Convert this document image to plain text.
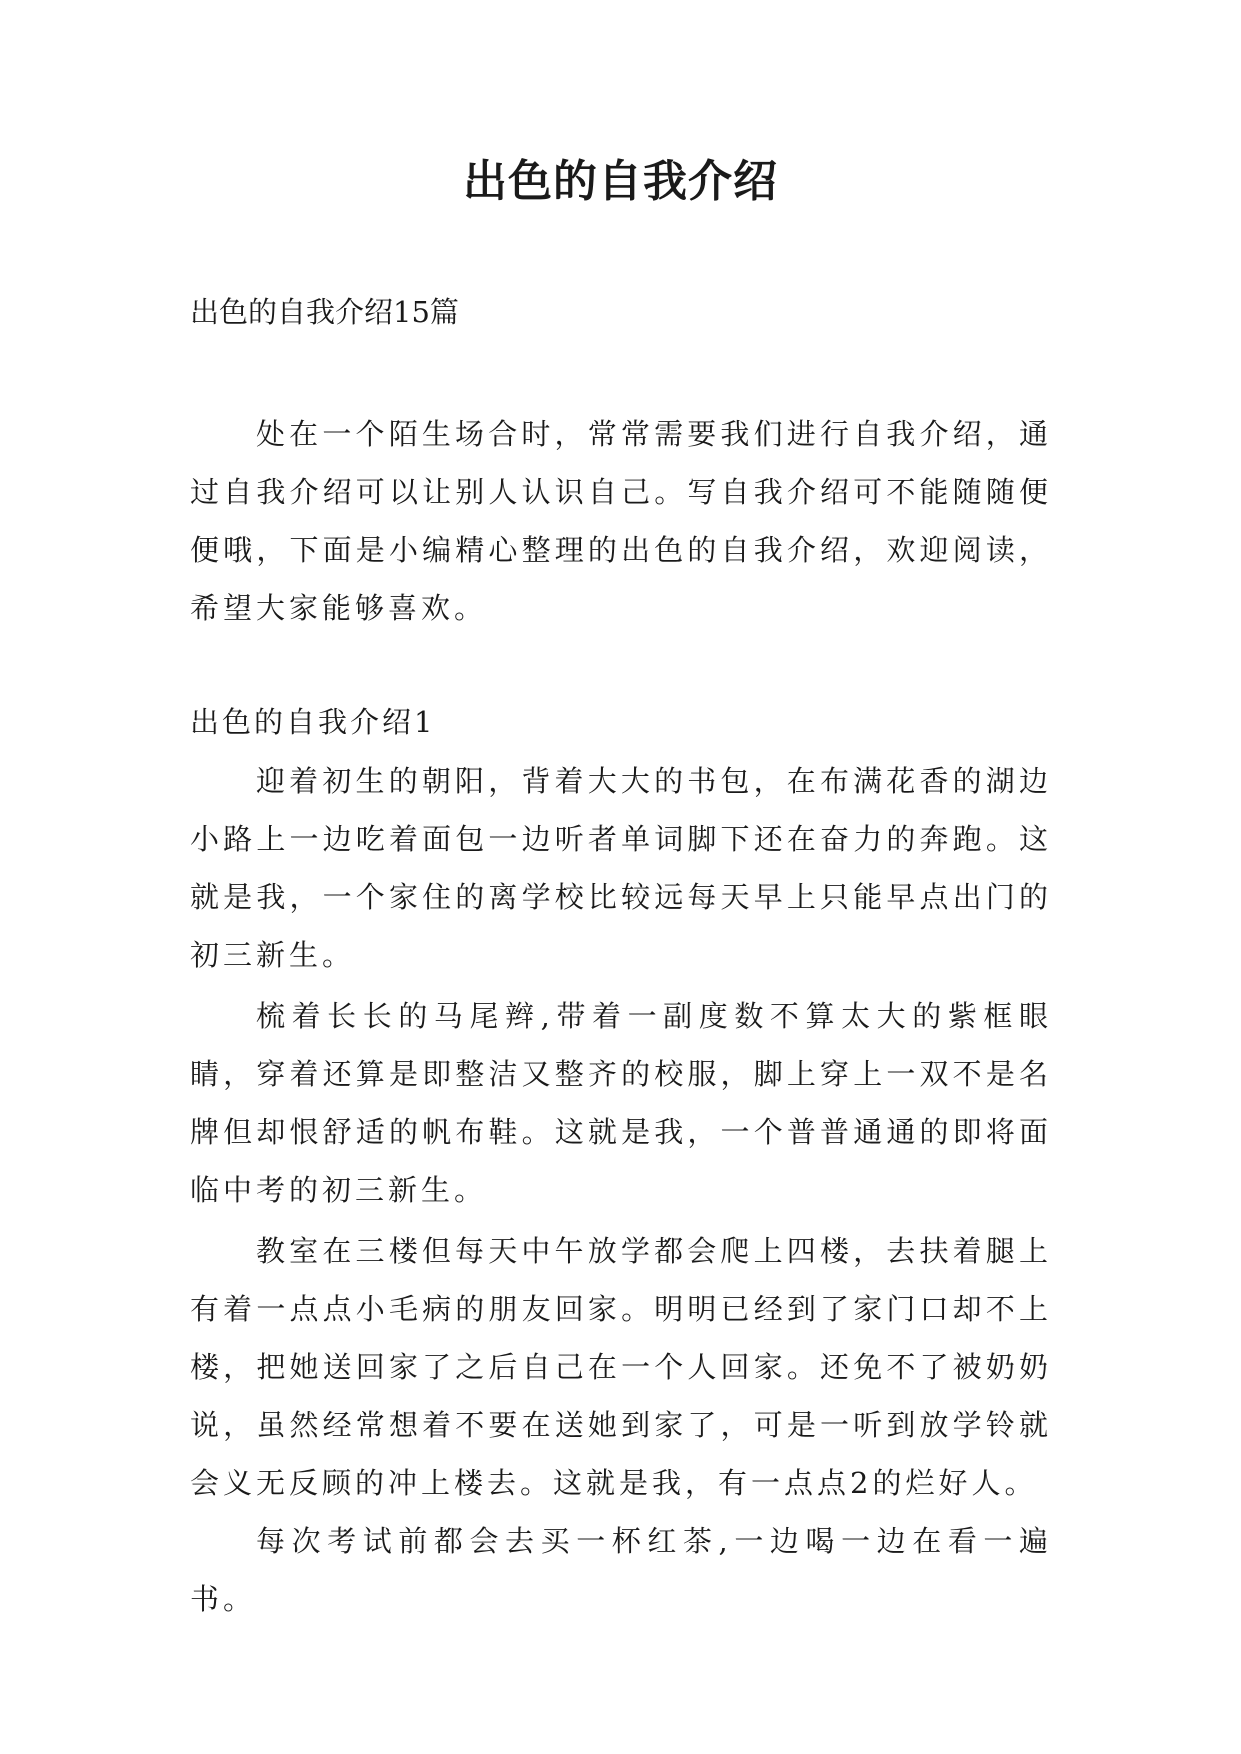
出色的自我介绍

出色的自我介绍15篇

处在一个陌生场合时，常常需要我们进行自我介绍，通过自我介绍可以让别人认识自己。写自我介绍可不能随随便便哦，下面是小编精心整理的出色的自我介绍，欢迎阅读，希望大家能够喜欢。

出色的自我介绍1

迎着初生的朝阳，背着大大的书包，在布满花香的湖边小路上一边吃着面包一边听者单词脚下还在奋力的奔跑。这就是我，一个家住的离学校比较远每天早上只能早点出门的初三新生。

梳着长长的马尾辫,带着一副度数不算太大的紫框眼睛，穿着还算是即整洁又整齐的校服，脚上穿上一双不是名牌但却恨舒适的帆布鞋。这就是我，一个普普通通的即将面临中考的初三新生。

教室在三楼但每天中午放学都会爬上四楼，去扶着腿上有着一点点小毛病的朋友回家。明明已经到了家门口却不上楼，把她送回家了之后自己在一个人回家。还免不了被奶奶说，虽然经常想着不要在送她到家了，可是一听到放学铃就会义无反顾的冲上楼去。这就是我，有一点点2的烂好人。

每次考试前都会去买一杯红茶,一边喝一边在看一遍书。
